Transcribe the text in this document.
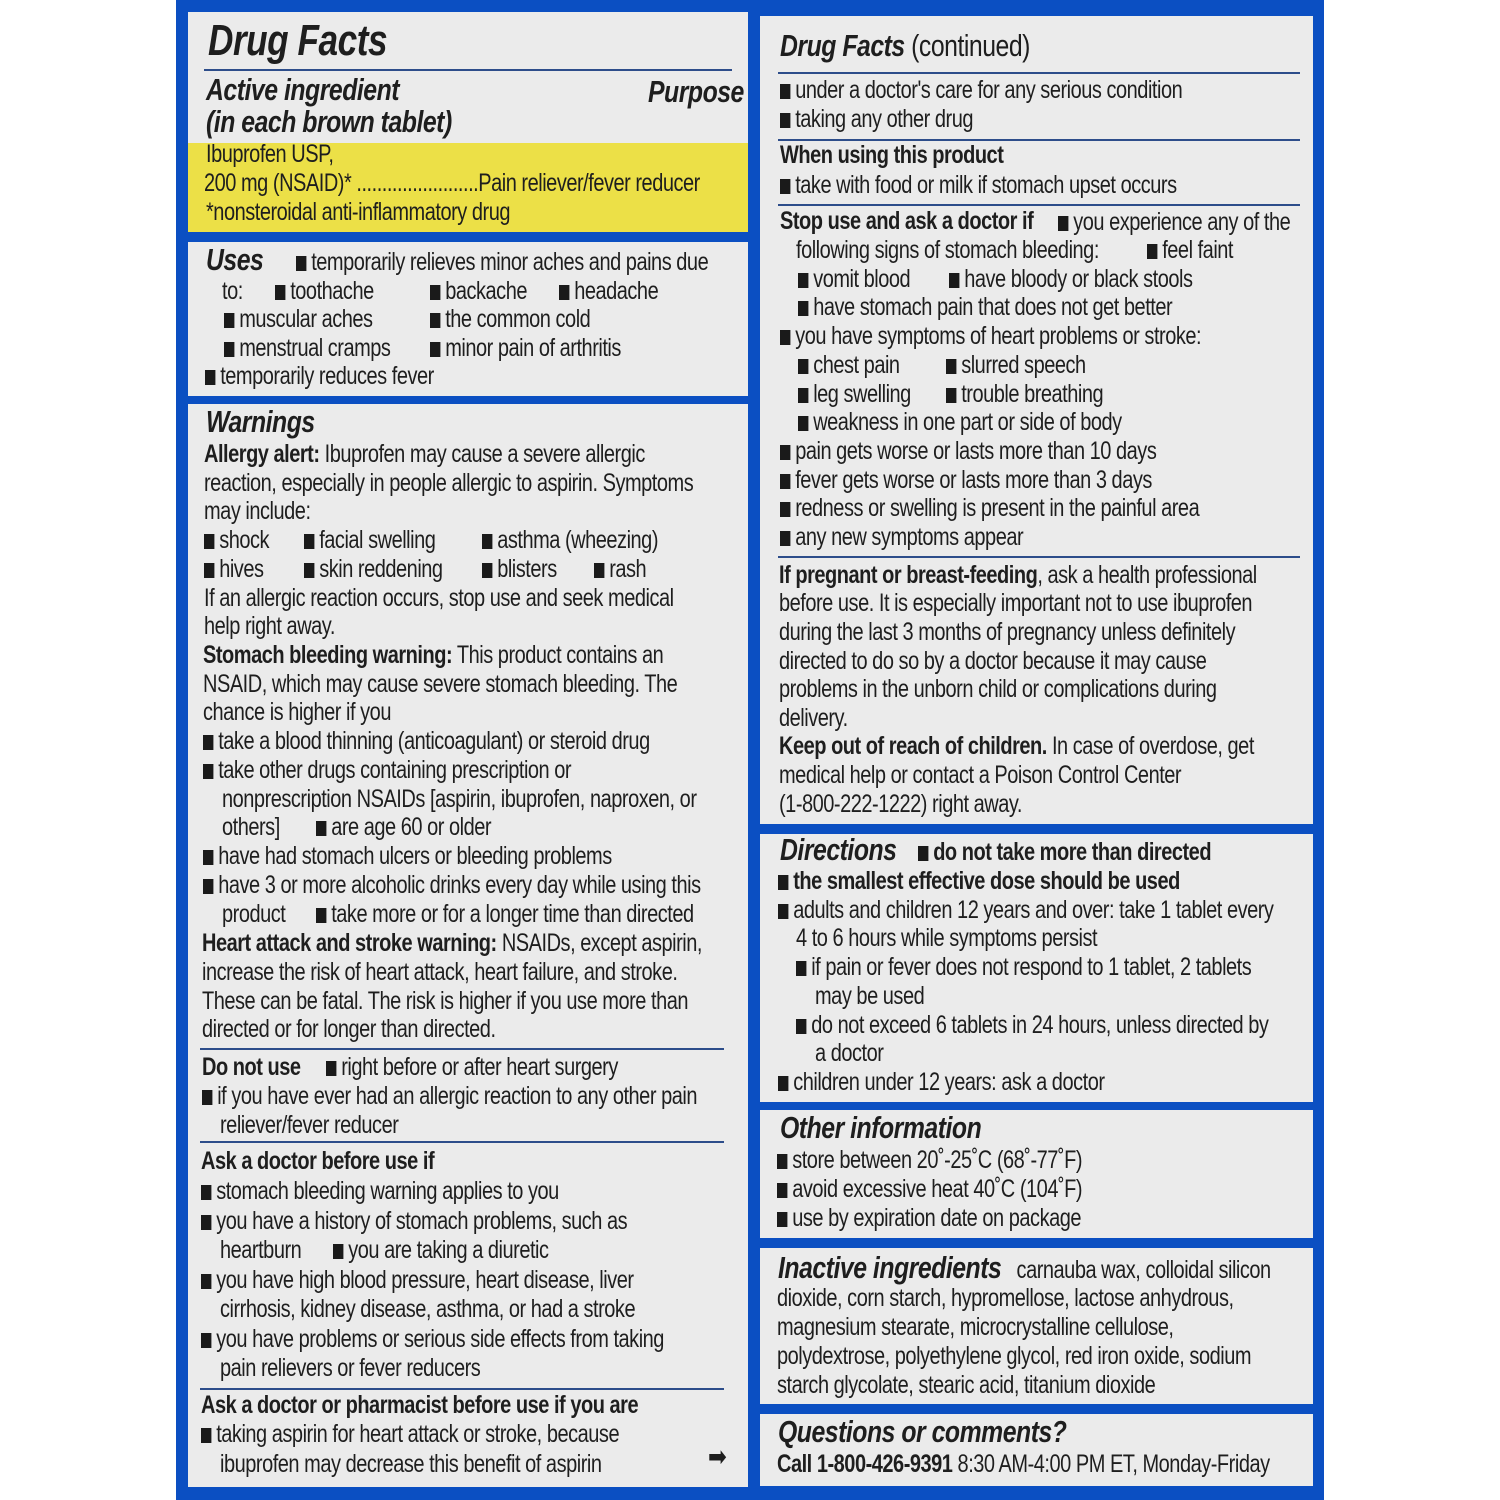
Drug Facts
Active ingredient
(in each brown tablet)
Purpose
Ibuprofen USP,
200 mg (NSAID)* ........................Pain reliever/fever reducer
*nonsteroidal anti-inflammatory drug
Uses	temporarily relieves minor aches and pains due
to:	toothache	backache	headache
muscular aches	the common cold
menstrual cramps	minor pain of arthritis
temporarily reduces fever
Warnings
Allergy alert: Ibuprofen may cause a severe allergic
reaction, especially in people allergic to aspirin. Symptoms
may include:
shock	facial swelling	asthma (wheezing)
hives	skin reddening	blisters	rash
If an allergic reaction occurs, stop use and seek medical
help right away.
Stomach bleeding warning: This product contains an
NSAID, which may cause severe stomach bleeding. The
chance is higher if you
take a blood thinning (anticoagulant) or steroid drug
take other drugs containing prescription or
nonprescription NSAIDs [aspirin, ibuprofen, naproxen, or
others]	are age 60 or older
have had stomach ulcers or bleeding problems
have 3 or more alcoholic drinks every day while using this
product	take more or for a longer time than directed
Heart attack and stroke warning: NSAIDs, except aspirin,
increase the risk of heart attack, heart failure, and stroke.
These can be fatal. The risk is higher if you use more than
directed or for longer than directed.
Do not use	right before or after heart surgery
if you have ever had an allergic reaction to any other pain
reliever/fever reducer
Ask a doctor before use if
stomach bleeding warning applies to you
you have a history of stomach problems, such as
heartburn	you are taking a diuretic
you have high blood pressure, heart disease, liver
cirrhosis, kidney disease, asthma, or had a stroke
you have problems or serious side effects from taking
pain relievers or fever reducers
Ask a doctor or pharmacist before use if you are
taking aspirin for heart attack or stroke, because
ibuprofen may decrease this benefit of aspirin	➡
Drug Facts (continued)
under a doctor's care for any serious condition
taking any other drug
When using this product
take with food or milk if stomach upset occurs
Stop use and ask a doctor if	you experience any of the
following signs of stomach bleeding:	feel faint
vomit blood	have bloody or black stools
have stomach pain that does not get better
you have symptoms of heart problems or stroke:
chest pain	slurred speech
leg swelling	trouble breathing
weakness in one part or side of body
pain gets worse or lasts more than 10 days
fever gets worse or lasts more than 3 days
redness or swelling is present in the painful area
any new symptoms appear
If pregnant or breast-feeding, ask a health professional
before use. It is especially important not to use ibuprofen
during the last 3 months of pregnancy unless definitely
directed to do so by a doctor because it may cause
problems in the unborn child or complications during
delivery.
Keep out of reach of children. In case of overdose, get
medical help or contact a Poison Control Center
(1-800-222-1222) right away.
Directions	do not take more than directed
the smallest effective dose should be used
adults and children 12 years and over: take 1 tablet every
4 to 6 hours while symptoms persist
if pain or fever does not respond to 1 tablet, 2 tablets
may be used
do not exceed 6 tablets in 24 hours, unless directed by
a doctor
children under 12 years: ask a doctor
Other information
store between 20˚-25˚C (68˚-77˚F)
avoid excessive heat 40˚C (104˚F)
use by expiration date on package
Inactive ingredients carnauba wax, colloidal silicon
dioxide, corn starch, hypromellose, lactose anhydrous,
magnesium stearate, microcrystalline cellulose,
polydextrose, polyethylene glycol, red iron oxide, sodium
starch glycolate, stearic acid, titanium dioxide
Questions or comments?
Call 1-800-426-9391 8:30 AM-4:00 PM ET, Monday-Friday
